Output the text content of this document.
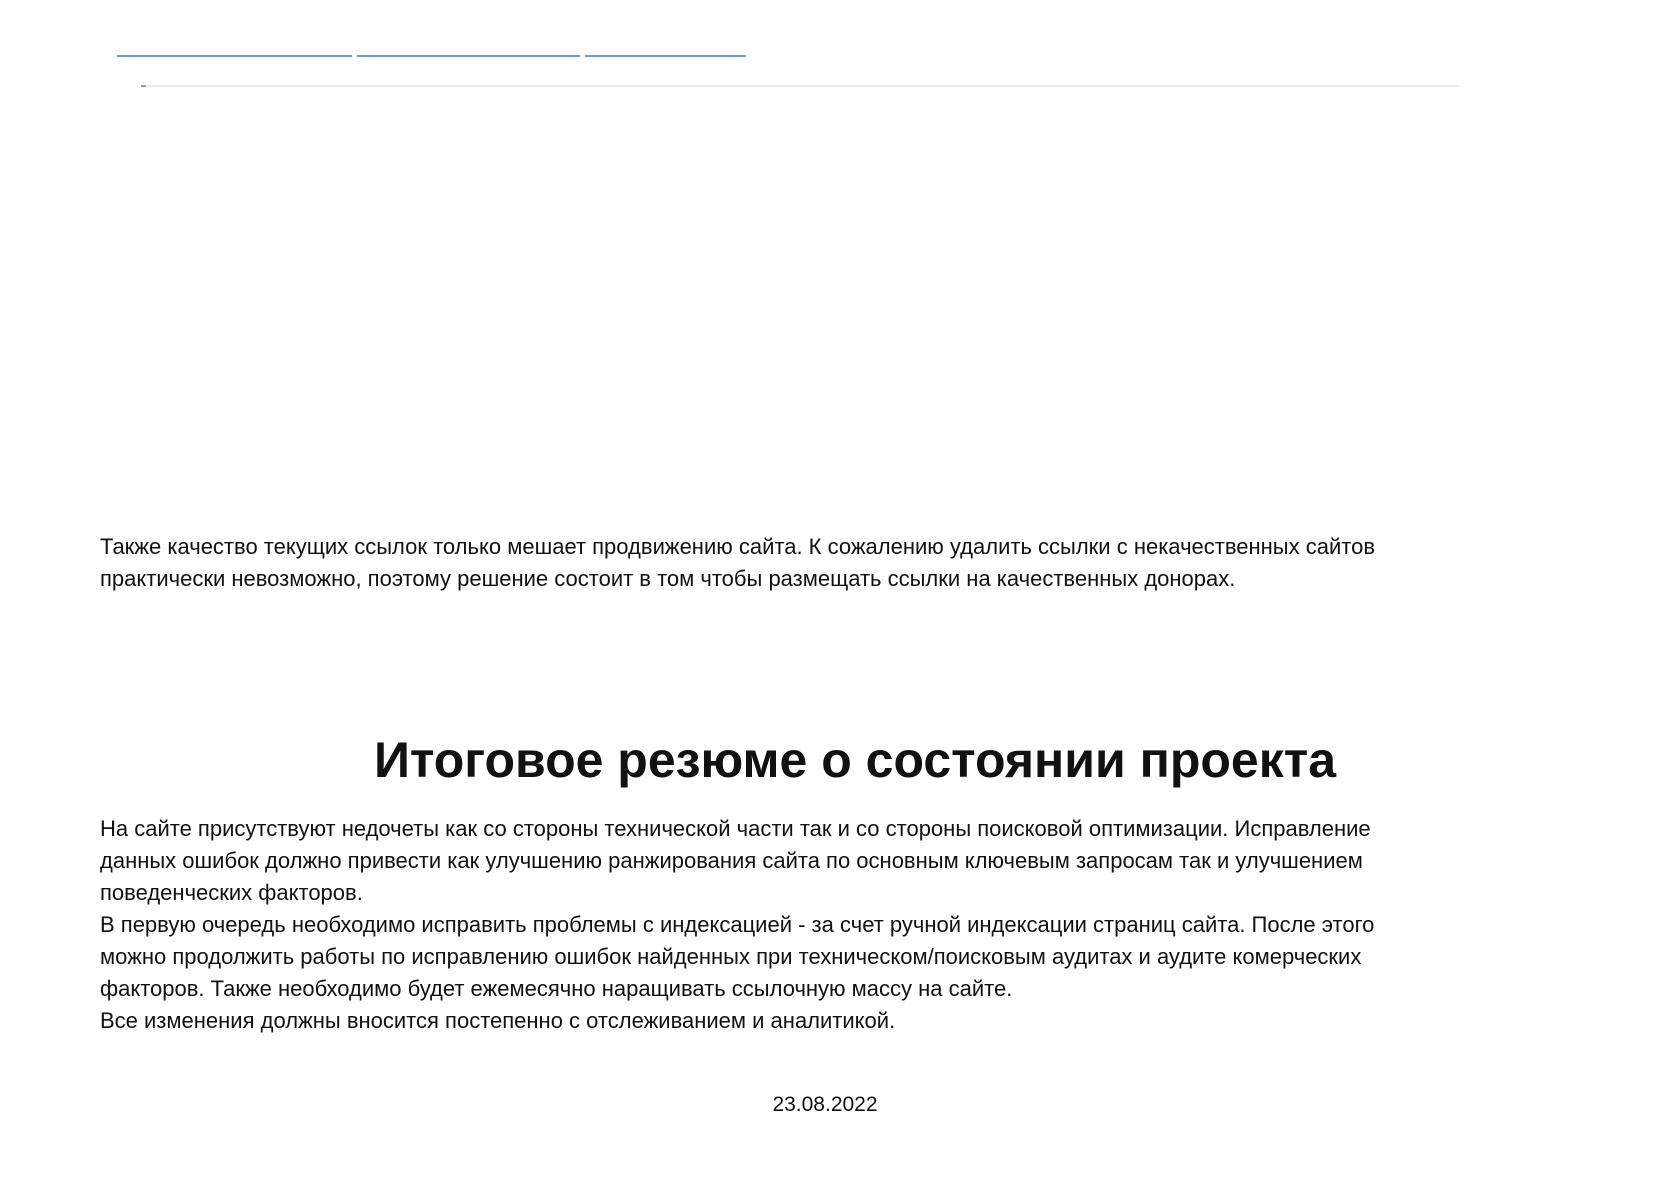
Также качество текущих ссылок только мешает продвижению сайта. К сожалению удалить ссылки с некачественных сайтов
практически невозможно, поэтому решение состоит в том чтобы размещать ссылки на качественных донорах.
Итоговое резюме о состоянии проекта
На сайте присутствуют недочеты как со стороны технической части так и со стороны поисковой оптимизации. Исправление
данных ошибок должно привести как улучшению ранжирования сайта по основным ключевым запросам так и улучшением
поведенческих факторов.
В первую очередь необходимо исправить проблемы с индексацией - за счет ручной индексации страниц сайта. После этого
можно продолжить работы по исправлению ошибок найденных при техническом/поисковым аудитах и аудите комерческих
факторов. Также необходимо будет ежемесячно наращивать ссылочную массу на сайте.
Все изменения должны вносится постепенно с отслеживанием и аналитикой.
23.08.2022
